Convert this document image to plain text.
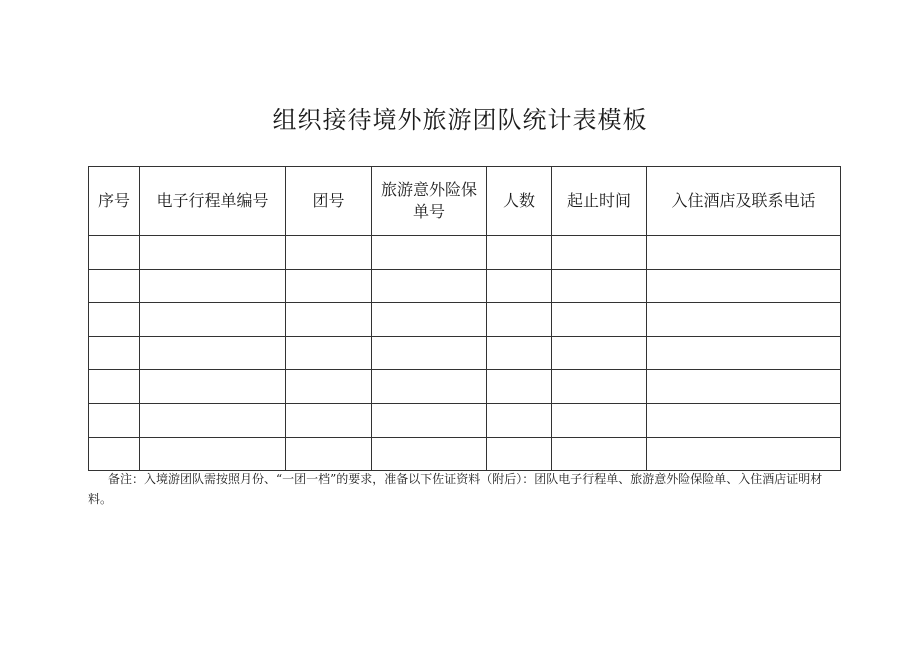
组织接待境外旅游团队统计表模板
序号	电子行程单编号	团号	旅游意外险保单号	人数	起止时间	入住酒店及联系电话

备注：入境游团队需按照月份、“一团一档”的要求，准备以下佐证资料（附后）：团队电子行程单、旅游意外险保险单、入住酒店证明材料。
